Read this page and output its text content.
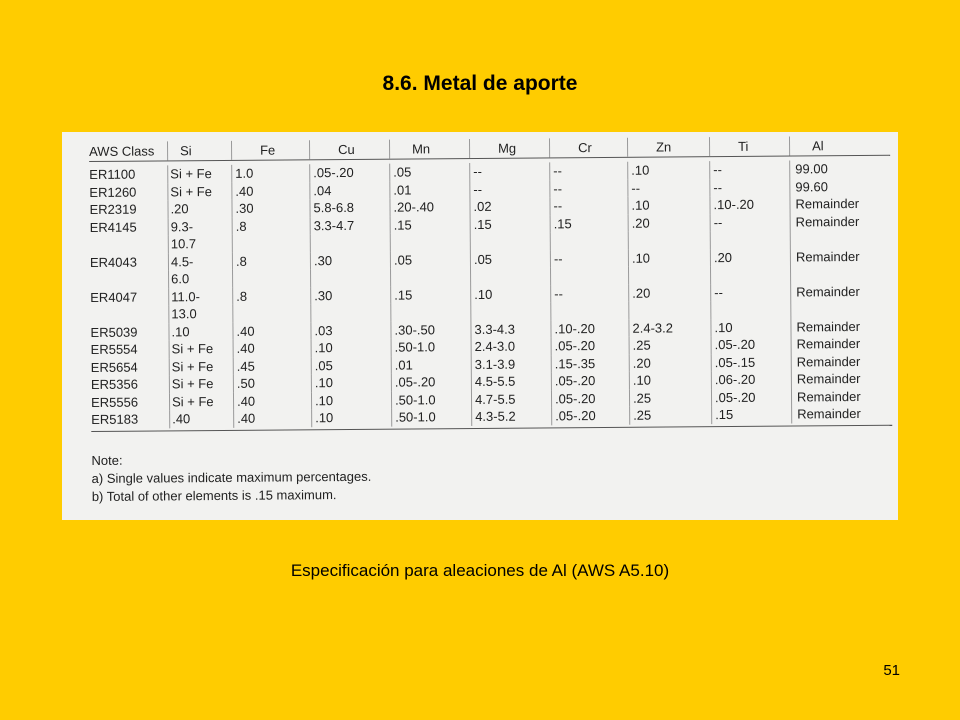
8.6. Metal de aporte
AWS Class	Si	Fe	Cu	Mn	Mg	Cr	Zn	Ti	Al
ER1100	Si + Fe	1.0	.05-.20	.05	--	--	.10	--	99.00
ER1260	Si + Fe	.40	.04	.01	--	--	--	--	99.60
ER2319	.20	.30	5.8-6.8	.20-.40	.02	--	.10	.10-.20	Remainder
ER4145	9.3-	.8	3.3-4.7	.15	.15	.15	.20	--	Remainder

10.7

ER4043	4.5-	.8	.30	.05	.05	--	.10	.20	Remainder

6.0

ER4047	11.0-	.8	.30	.15	.10	--	.20	--	Remainder

13.0

ER5039	.10	.40	.03	.30-.50	3.3-4.3	.10-.20	2.4-3.2	.10	Remainder
ER5554	Si + Fe	.40	.10	.50-1.0	2.4-3.0	.05-.20	.25	.05-.20	Remainder
ER5654	Si + Fe	.45	.05	.01	3.1-3.9	.15-.35	.20	.05-.15	Remainder
ER5356	Si + Fe	.50	.10	.05-.20	4.5-5.5	.05-.20	.10	.06-.20	Remainder
ER5556	Si + Fe	.40	.10	.50-1.0	4.7-5.5	.05-.20	.25	.05-.20	Remainder
ER5183	.40	.40	.10	.50-1.0	4.3-5.2	.05-.20	.25	.15	Remainder
Note:
a) Single values indicate maximum percentages.
b) Total of other elements is .15 maximum.
Especificación para aleaciones de Al (AWS A5.10)
51
